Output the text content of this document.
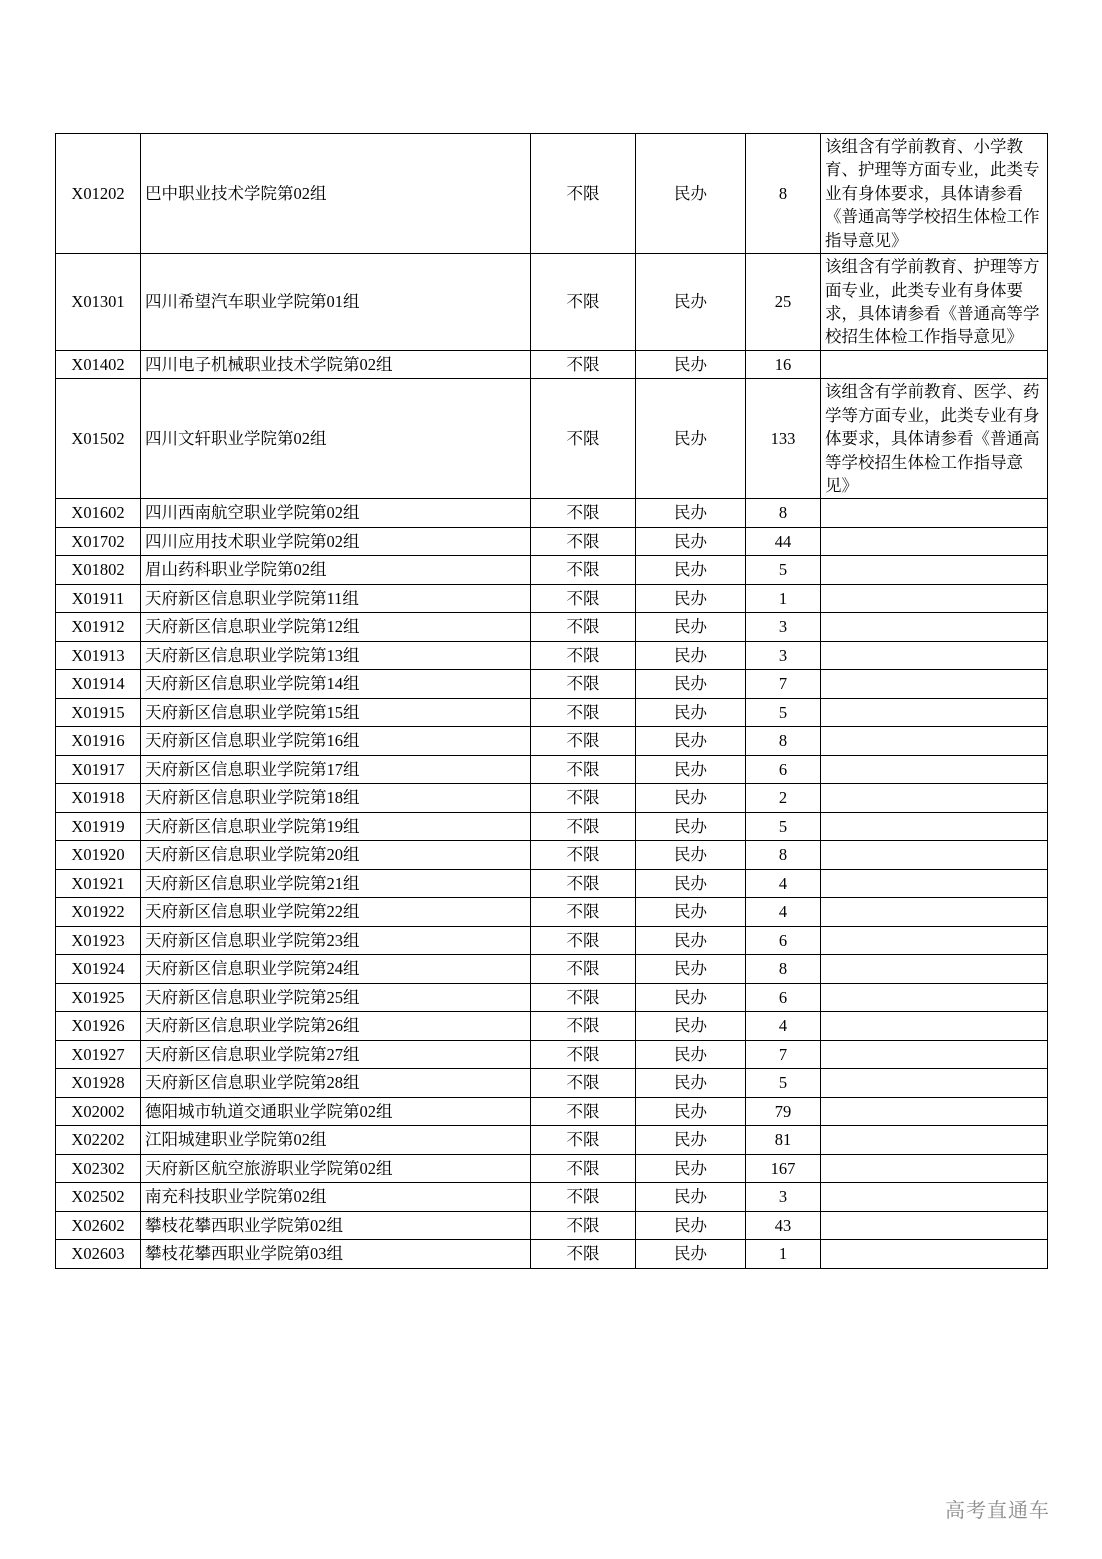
X01202	巴中职业技术学院第02组	不限	民办	8	该组含有学前教育、小学教育、护理等方面专业，此类专业有身体要求，具体请参看《普通高等学校招生体检工作指导意见》
X01301	四川希望汽车职业学院第01组	不限	民办	25	该组含有学前教育、护理等方面专业，此类专业有身体要求，具体请参看《普通高等学校招生体检工作指导意见》
X01402	四川电子机械职业技术学院第02组	不限	民办	16	
X01502	四川文轩职业学院第02组	不限	民办	133	该组含有学前教育、医学、药学等方面专业，此类专业有身体要求，具体请参看《普通高等学校招生体检工作指导意见》
X01602	四川西南航空职业学院第02组	不限	民办	8	
X01702	四川应用技术职业学院第02组	不限	民办	44	
X01802	眉山药科职业学院第02组	不限	民办	5	
X01911	天府新区信息职业学院第11组	不限	民办	1	
X01912	天府新区信息职业学院第12组	不限	民办	3	
X01913	天府新区信息职业学院第13组	不限	民办	3	
X01914	天府新区信息职业学院第14组	不限	民办	7	
X01915	天府新区信息职业学院第15组	不限	民办	5	
X01916	天府新区信息职业学院第16组	不限	民办	8	
X01917	天府新区信息职业学院第17组	不限	民办	6	
X01918	天府新区信息职业学院第18组	不限	民办	2	
X01919	天府新区信息职业学院第19组	不限	民办	5	
X01920	天府新区信息职业学院第20组	不限	民办	8	
X01921	天府新区信息职业学院第21组	不限	民办	4	
X01922	天府新区信息职业学院第22组	不限	民办	4	
X01923	天府新区信息职业学院第23组	不限	民办	6	
X01924	天府新区信息职业学院第24组	不限	民办	8	
X01925	天府新区信息职业学院第25组	不限	民办	6	
X01926	天府新区信息职业学院第26组	不限	民办	4	
X01927	天府新区信息职业学院第27组	不限	民办	7	
X01928	天府新区信息职业学院第28组	不限	民办	5	
X02002	德阳城市轨道交通职业学院第02组	不限	民办	79	
X02202	江阳城建职业学院第02组	不限	民办	81	
X02302	天府新区航空旅游职业学院第02组	不限	民办	167	
X02502	南充科技职业学院第02组	不限	民办	3	
X02602	攀枝花攀西职业学院第02组	不限	民办	43	
X02603	攀枝花攀西职业学院第03组	不限	民办	1	
高考直通车
